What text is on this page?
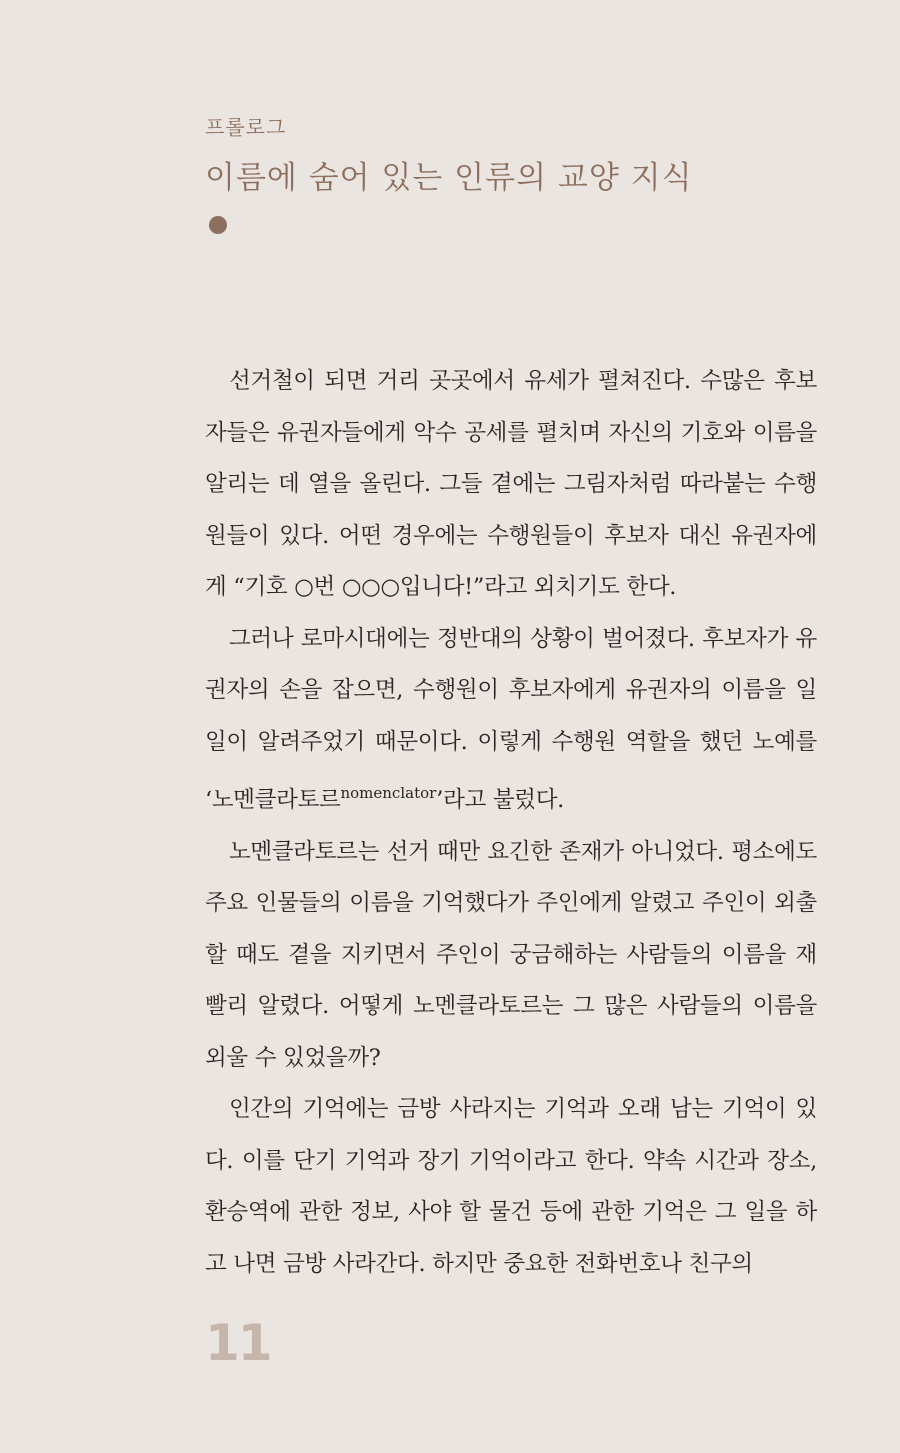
프롤로그
이름에 숨어 있는 인류의 교양 지식

선거철이 되면 거리 곳곳에서 유세가 펼쳐진다. 수많은 후보자들은 유권자들에게 악수 공세를 펼치며 자신의 기호와 이름을 알리는 데 열을 올린다. 그들 곁에는 그림자처럼 따라붙는 수행원들이 있다. 어떤 경우에는 수행원들이 후보자 대신 유권자에게 “기호 ○번 ○○○입니다!”라고 외치기도 한다.

그러나 로마시대에는 정반대의 상황이 벌어졌다. 후보자가 유권자의 손을 잡으면, 수행원이 후보자에게 유권자의 이름을 일일이 알려주었기 때문이다. 이렇게 수행원 역할을 했던 노예를 ‘노멘클라토르$^{nomenclator}$’라고 불렀다.

노멘클라토르는 선거 때만 요긴한 존재가 아니었다. 평소에도 주요 인물들의 이름을 기억했다가 주인에게 알렸고 주인이 외출할 때도 곁을 지키면서 주인이 궁금해하는 사람들의 이름을 재빨리 알렸다. 어떻게 노멘클라토르는 그 많은 사람들의 이름을 외울 수 있었을까?

인간의 기억에는 금방 사라지는 기억과 오래 남는 기억이 있다. 이를 단기 기억과 장기 기억이라고 한다. 약속 시간과 장소, 환승역에 관한 정보, 사야 할 물건 등에 관한 기억은 그 일을 하고 나면 금방 사라간다. 하지만 중요한 전화번호나 친구의

11
